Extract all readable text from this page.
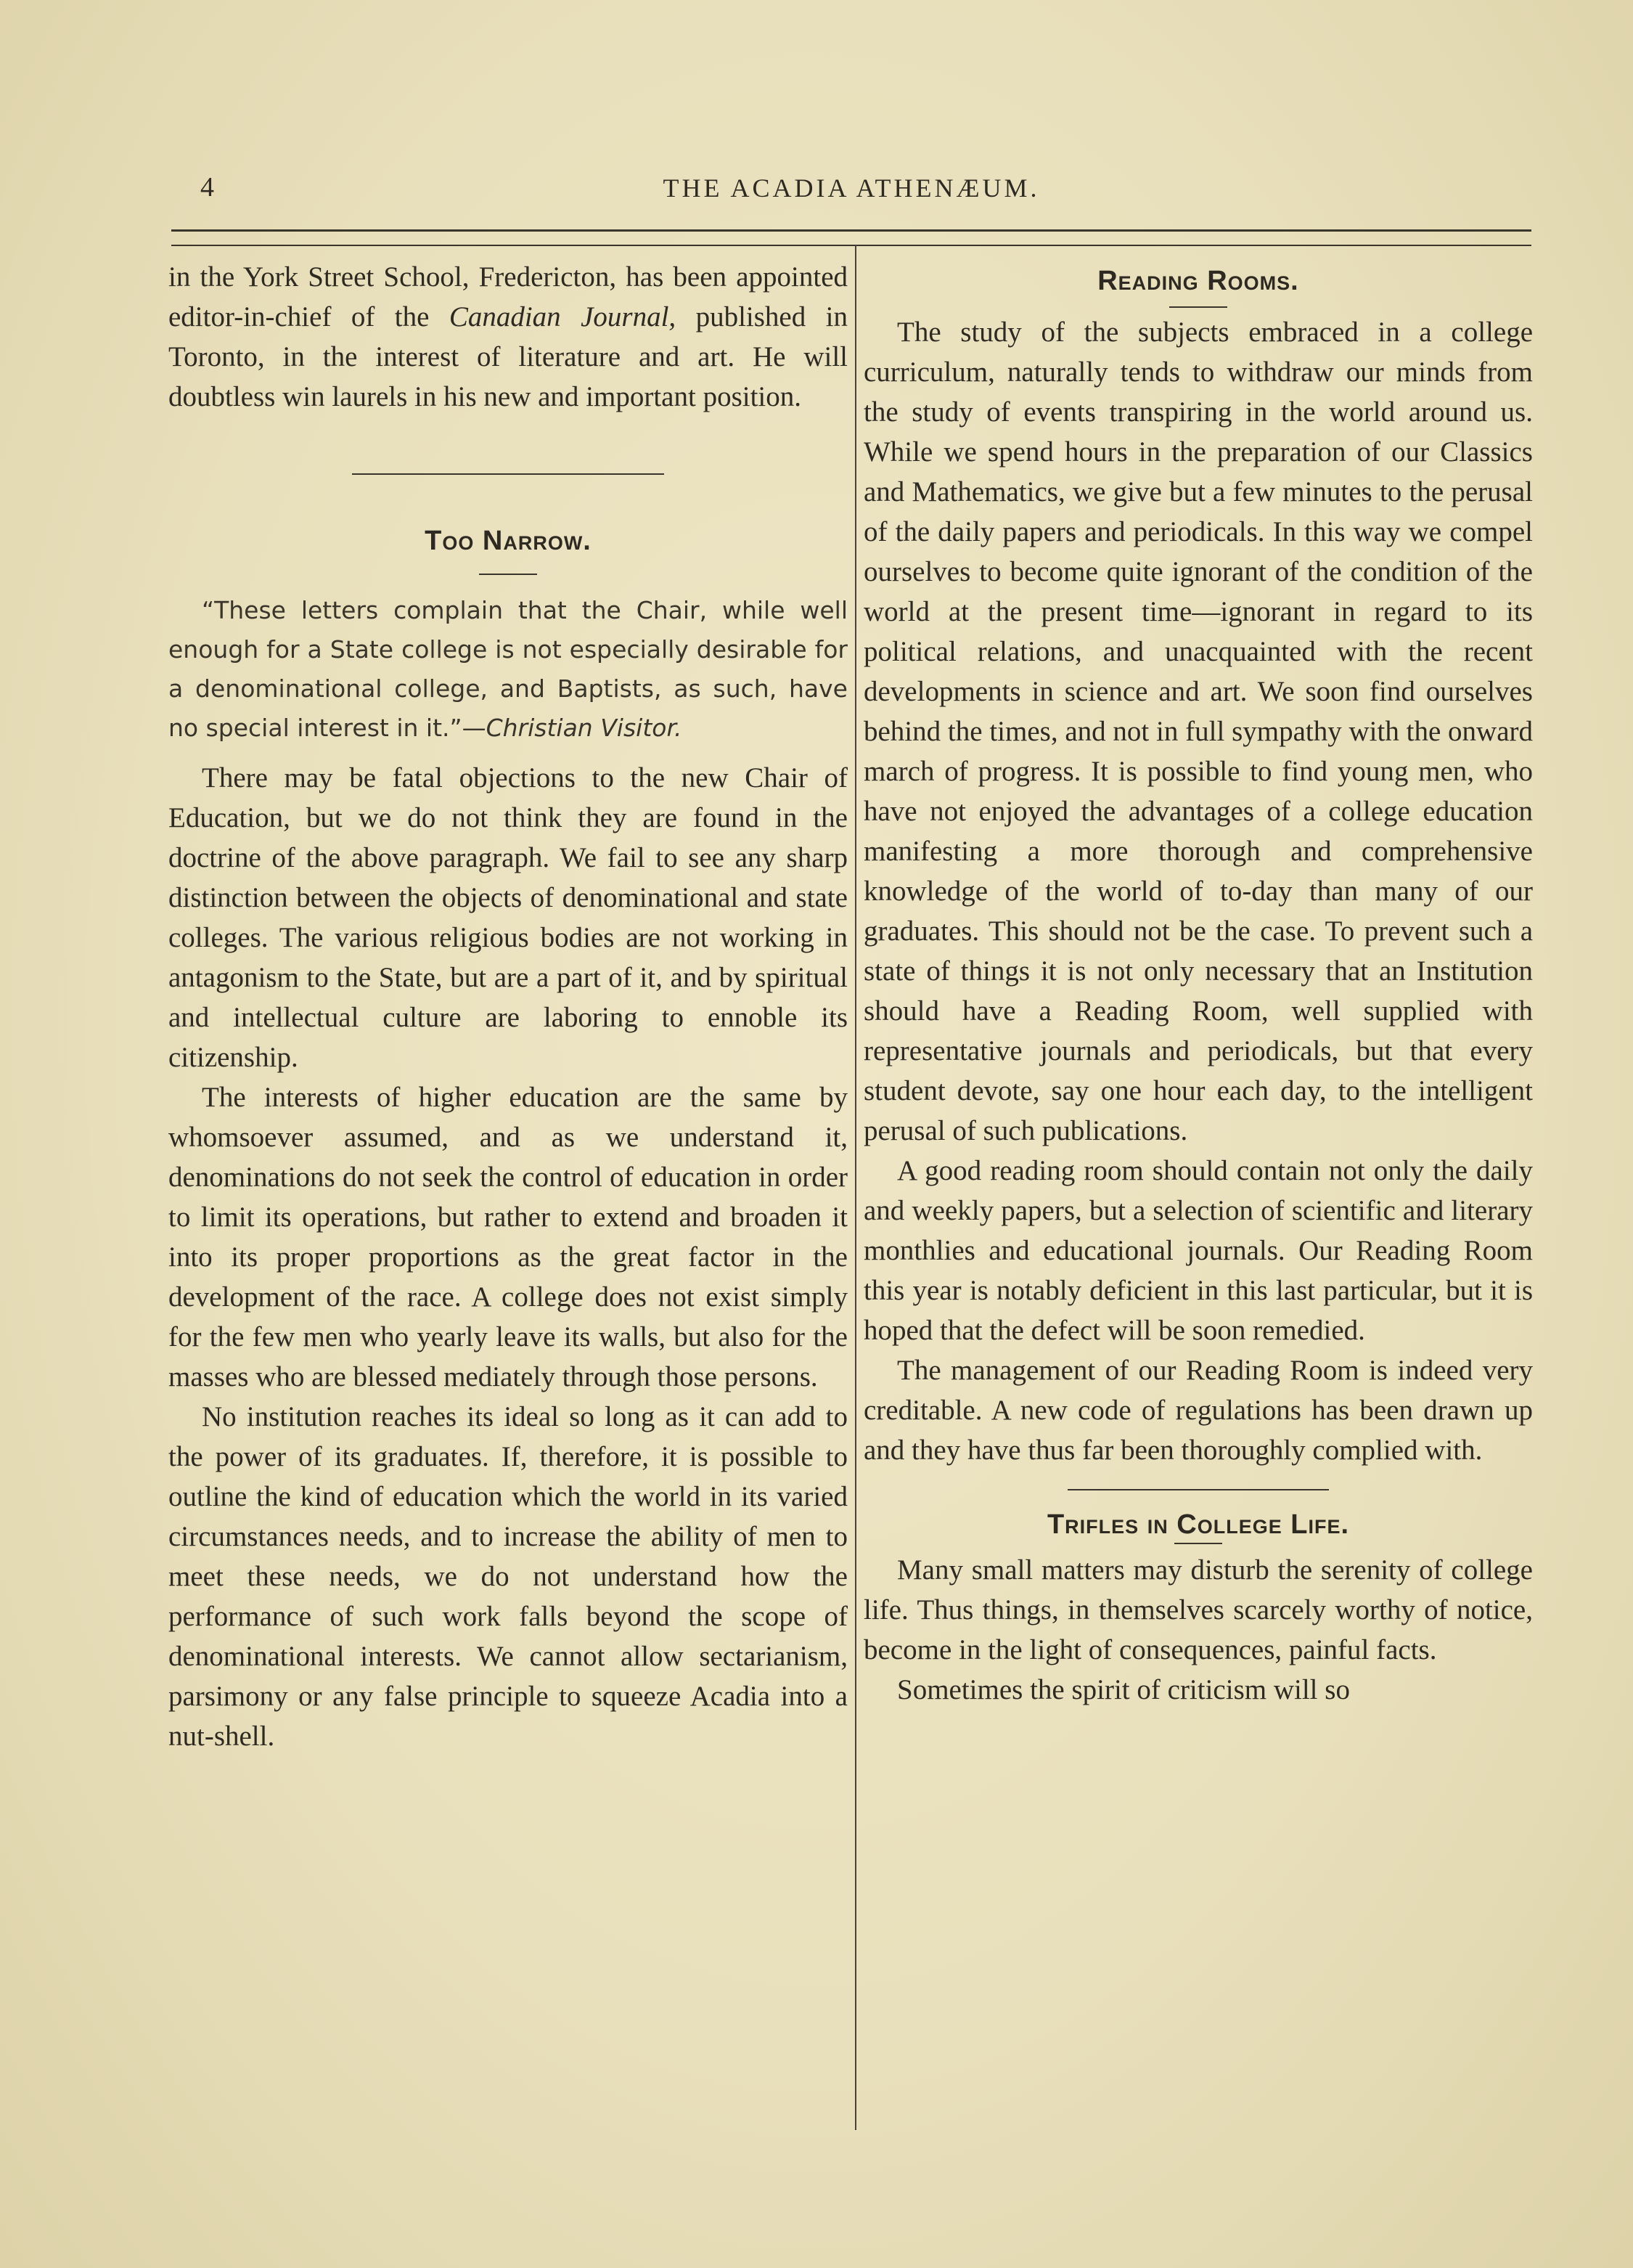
4	THE ACADIA ATHENÆUM.

in the York Street School, Fredericton, has been appointed editor-in-chief of the Canadian Journal, published in Toronto, in the interest of literature and art. He will doubtless win laurels in his new and important position.

Too Narrow.

“These letters complain that the Chair, while well enough for a State college is not especially desirable for a denominational college, and Baptists, as such, have no special interest in it.”—Christian Visitor.

There may be fatal objections to the new Chair of Education, but we do not think they are found in the doctrine of the above paragraph. We fail to see any sharp distinction between the objects of denominational and state colleges. The various religious bodies are not working in antagonism to the State, but are a part of it, and by spiritual and intellectual culture are laboring to ennoble its citizenship.

The interests of higher education are the same by whomsoever assumed, and as we understand it, denominations do not seek the control of education in order to limit its operations, but rather to extend and broaden it into its proper proportions as the great factor in the development of the race. A college does not exist simply for the few men who yearly leave its walls, but also for the masses who are blessed mediately through those persons.

No institution reaches its ideal so long as it can add to the power of its graduates. If, therefore, it is possible to outline the kind of education which the world in its varied circumstances needs, and to increase the ability of men to meet these needs, we do not understand how the performance of such work falls beyond the scope of denominational interests. We cannot allow sectarianism, parsimony or any false principle to squeeze Acadia into a nut-shell.

Reading Rooms.

The study of the subjects embraced in a college curriculum, naturally tends to withdraw our minds from the study of events transpiring in the world around us. While we spend hours in the preparation of our Classics and Mathematics, we give but a few minutes to the perusal of the daily papers and periodicals. In this way we compel ourselves to become quite ignorant of the condition of the world at the present time—ignorant in regard to its political relations, and unacquainted with the recent developments in science and art. We soon find ourselves behind the times, and not in full sympathy with the onward march of progress. It is possible to find young men, who have not enjoyed the advantages of a college education manifesting a more thorough and comprehensive knowledge of the world of to-day than many of our graduates. This should not be the case. To prevent such a state of things it is not only necessary that an Institution should have a Reading Room, well supplied with representative journals and periodicals, but that every student devote, say one hour each day, to the intelligent perusal of such publications.

A good reading room should contain not only the daily and weekly papers, but a selection of scientific and literary monthlies and educational journals. Our Reading Room this year is notably deficient in this last particular, but it is hoped that the defect will be soon remedied.

The management of our Reading Room is indeed very creditable. A new code of regulations has been drawn up and they have thus far been thoroughly complied with.

Trifles in College Life.

Many small matters may disturb the serenity of college life. Thus things, in themselves scarcely worthy of notice, become in the light of consequences, painful facts.

Sometimes the spirit of criticism will so
